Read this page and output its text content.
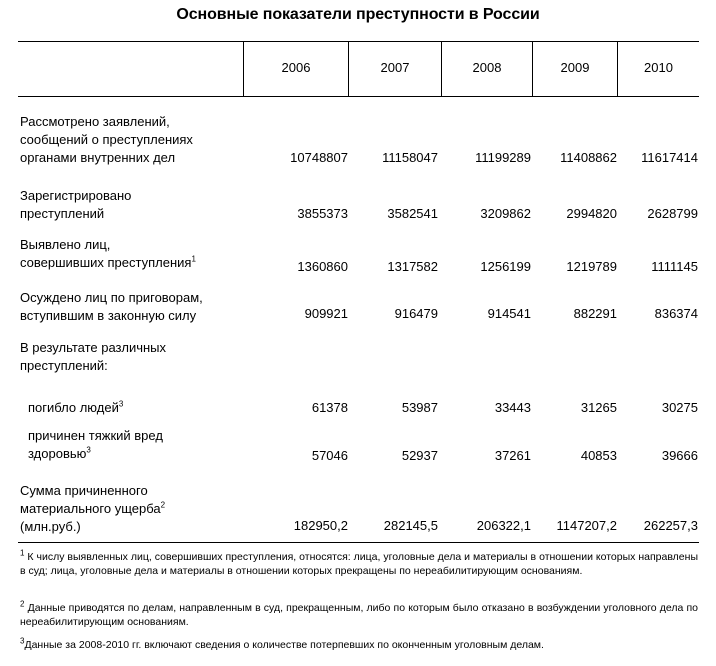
Основные показатели преступности в России
2006	2007	2008	2009	2010
Рассмотрено заявлений,
сообщений о преступлениях
органами внутренних дел	10748807	11158047	11199289 11408862 11617414
Зарегистрировано
преступлений	3855373	3582541	3209862	2994820 2628799
Выявлено лиц,
совершивших преступления$^1$	1360860	1317582	1256199	1219789	1111145
Осуждено лиц по приговорам,
вступившим в законную силу	909921	916479	914541	882291	836374
В результате различных
преступлений:
погибло людей$^3$	61378	53987	33443	31265	30275
причинен тяжкий вред
здоровью$^3$	57046	52937	37261	40853	39666
Сумма причиненного
материального ущерба$^2$
(млн.руб.)	182950,2	282145,5	206322,1 1147207,2 262257,3
$^1$ К числу выявленных лиц, совершивших преступления, относятся: лица, уголовные дела и материалы в отношении которых направлены в суд; лица, уголовные дела и материалы в отношении которых прекращены по нереабилитирующим основаниям.
$^2$ Данные приводятся по делам, направленным в суд, прекращенным, либо по которым было отказано в возбуждении уголовного дела по нереабилитирующим основаниям.
$^3$Данные за 2008-2010 гг. включают сведения о количестве потерпевших по оконченным уголовным делам.
